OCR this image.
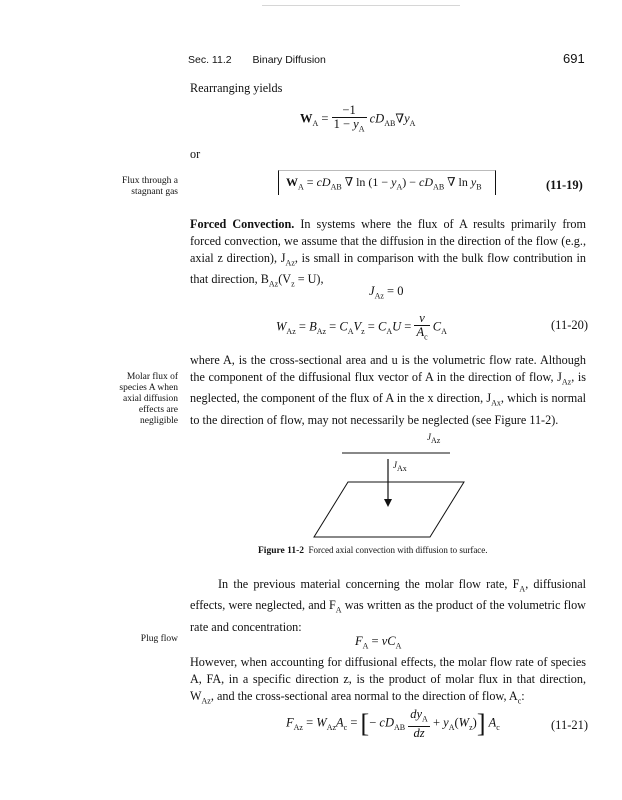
Sec. 11.2 Binary Diffusion	691
Rearranging yields
$W_A = \frac{-1}{1 - y_A} cD_{AB}\nabla y_A$
or
Flux through a
stagnant gas
$W_A = cD_{AB}$ ∇ $\ln (1 - y_A) - cD_{AB}$ ∇ $\ln y_B$	(11-19)
Forced Convection. In systems where the flux of A results primarily from forced convection, we assume that the diffusion in the direction of the flow (e.g., axial z direction), $J_{Az}$, is small in comparison with the bulk flow contribution in that direction, $B_{Az}(V_z = U)$,
$J_{Az} = 0$
$W_{Az} = B_{Az} = C_AV_z = C_AU = \frac{v}{A_c} C_A$	(11-20)
where A, is the cross-sectional area and u is the volumetric flow rate. Although the component of the diffusional flux vector of A in the direction of flow, $J_{Az}$, is neglected, the component of the flux of A in the x direction, $J_{Ax}$, which is normal to the direction of flow, may not necessarily be neglected (see Figure 11-2).
Molar flux of
species A when
axial diffusion
effects are
negligible
$J_{Az}$
$J_{Ax}$
Figure 11-2 Forced axial convection with diffusion to surface.
In the previous material concerning the molar flow rate, $F_A$, diffusional effects, were neglected, and $F_A$ was written as the product of the volumetric flow rate and concentration:
Plug flow	$F_A = vC_A$
However, when accounting for diffusional effects, the molar flow rate of species A, FA, in a specific direction z, is the product of molar flux in that direction, $W_{Az}$, and the cross-sectional area normal to the direction of flow, $A_c$:
$F_{Az} = W_{Az}A_c$ = [− $cD_{AB} \frac{dy_A}{dz} + y_A(W_z)$] $A_c$	(11-21)
